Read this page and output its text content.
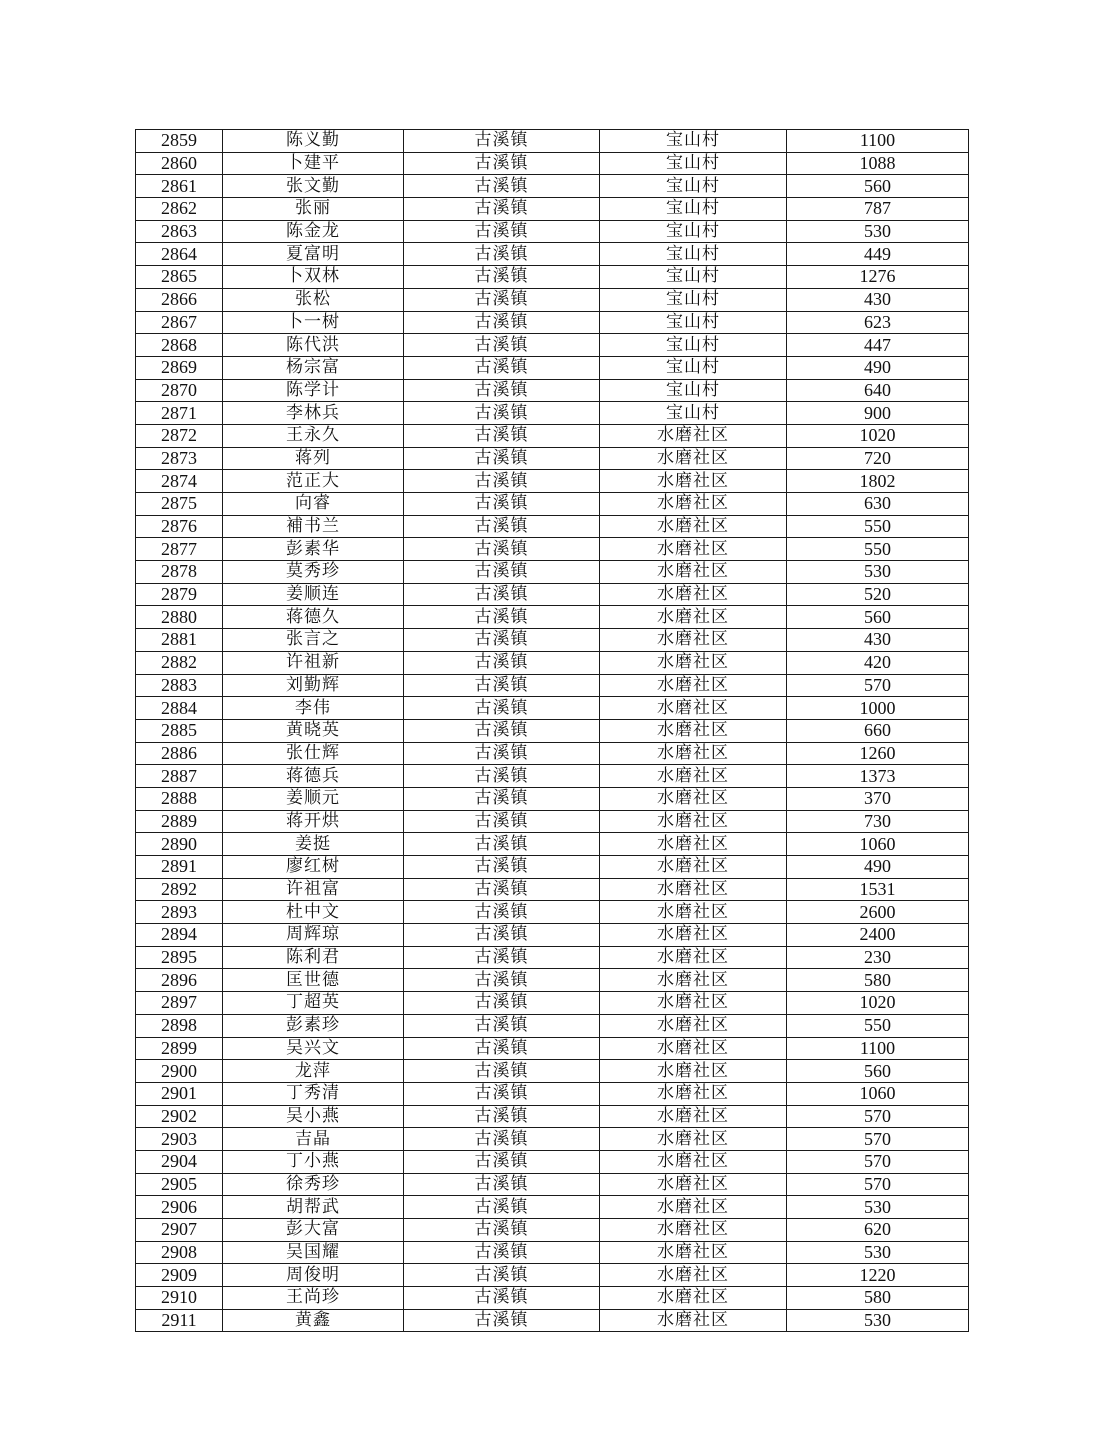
2859	陈义勤	古溪镇	宝山村	1100
2860	卜建平	古溪镇	宝山村	1088
2861	张文勤	古溪镇	宝山村	560
2862	张丽	古溪镇	宝山村	787
2863	陈金龙	古溪镇	宝山村	530
2864	夏富明	古溪镇	宝山村	449
2865	卜双林	古溪镇	宝山村	1276
2866	张松	古溪镇	宝山村	430
2867	卜一树	古溪镇	宝山村	623
2868	陈代洪	古溪镇	宝山村	447
2869	杨宗富	古溪镇	宝山村	490
2870	陈学计	古溪镇	宝山村	640
2871	李林兵	古溪镇	宝山村	900
2872	王永久	古溪镇	水磨社区	1020
2873	蒋列	古溪镇	水磨社区	720
2874	范正大	古溪镇	水磨社区	1802
2875	向睿	古溪镇	水磨社区	630
2876	補书兰	古溪镇	水磨社区	550
2877	彭素华	古溪镇	水磨社区	550
2878	莫秀珍	古溪镇	水磨社区	530
2879	姜顺连	古溪镇	水磨社区	520
2880	蒋德久	古溪镇	水磨社区	560
2881	张言之	古溪镇	水磨社区	430
2882	许祖新	古溪镇	水磨社区	420
2883	刘勤辉	古溪镇	水磨社区	570
2884	李伟	古溪镇	水磨社区	1000
2885	黄晓英	古溪镇	水磨社区	660
2886	张仕辉	古溪镇	水磨社区	1260
2887	蒋德兵	古溪镇	水磨社区	1373
2888	姜顺元	古溪镇	水磨社区	370
2889	蒋开烘	古溪镇	水磨社区	730
2890	姜挺	古溪镇	水磨社区	1060
2891	廖红树	古溪镇	水磨社区	490
2892	许祖富	古溪镇	水磨社区	1531
2893	杜中文	古溪镇	水磨社区	2600
2894	周辉琼	古溪镇	水磨社区	2400
2895	陈利君	古溪镇	水磨社区	230
2896	匡世德	古溪镇	水磨社区	580
2897	丁超英	古溪镇	水磨社区	1020
2898	彭素珍	古溪镇	水磨社区	550
2899	吴兴文	古溪镇	水磨社区	1100
2900	龙萍	古溪镇	水磨社区	560
2901	丁秀清	古溪镇	水磨社区	1060
2902	吴小燕	古溪镇	水磨社区	570
2903	吉晶	古溪镇	水磨社区	570
2904	丁小燕	古溪镇	水磨社区	570
2905	徐秀珍	古溪镇	水磨社区	570
2906	胡帮武	古溪镇	水磨社区	530
2907	彭大富	古溪镇	水磨社区	620
2908	吴国耀	古溪镇	水磨社区	530
2909	周俊明	古溪镇	水磨社区	1220
2910	王尚珍	古溪镇	水磨社区	580
2911	黄鑫	古溪镇	水磨社区	530
